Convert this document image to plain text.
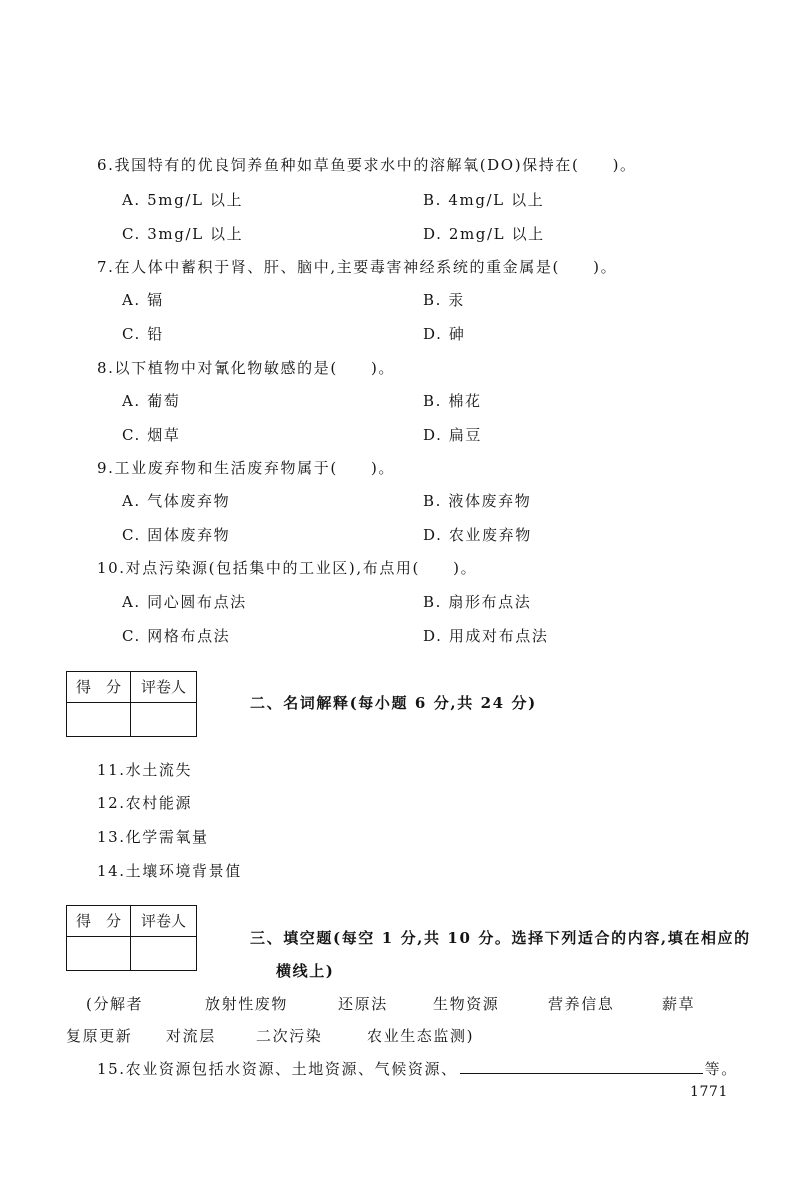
6.我国特有的优良饲养鱼种如草鱼要求水中的溶解氧(DO)保持在(　　)。
A. 5mg/L 以上	B. 4mg/L 以上
C. 3mg/L 以上	D. 2mg/L 以上
7.在人体中蓄积于肾、肝、脑中,主要毒害神经系统的重金属是(　　)。
A. 镉	B. 汞
C. 铅	D. 砷
8.以下植物中对氰化物敏感的是(　　)。
A. 葡萄	B. 棉花
C. 烟草	D. 扁豆
9.工业废弃物和生活废弃物属于(　　)。
A. 气体废弃物	B. 液体废弃物
C. 固体废弃物	D. 农业废弃物
10.对点污染源(包括集中的工业区),布点用(　　)。
A. 同心圆布点法	B. 扇形布点法
C. 网格布点法	D. 用成对布点法
得　分	评卷人
二、名词解释(每小题 6 分,共 24 分)
11.水土流失
12.农村能源
13.化学需氧量
14.土壤环境背景值
得　分	评卷人
三、填空题(每空 1 分,共 10 分。选择下列适合的内容,填在相应的
横线上)
(分解者	放射性废物	还原法	生物资源	营养信息	薪草
复原更新 对流层	二次污染	农业生态监测)
15.农业资源包括水资源、土地资源、气候资源、	等。
1771
